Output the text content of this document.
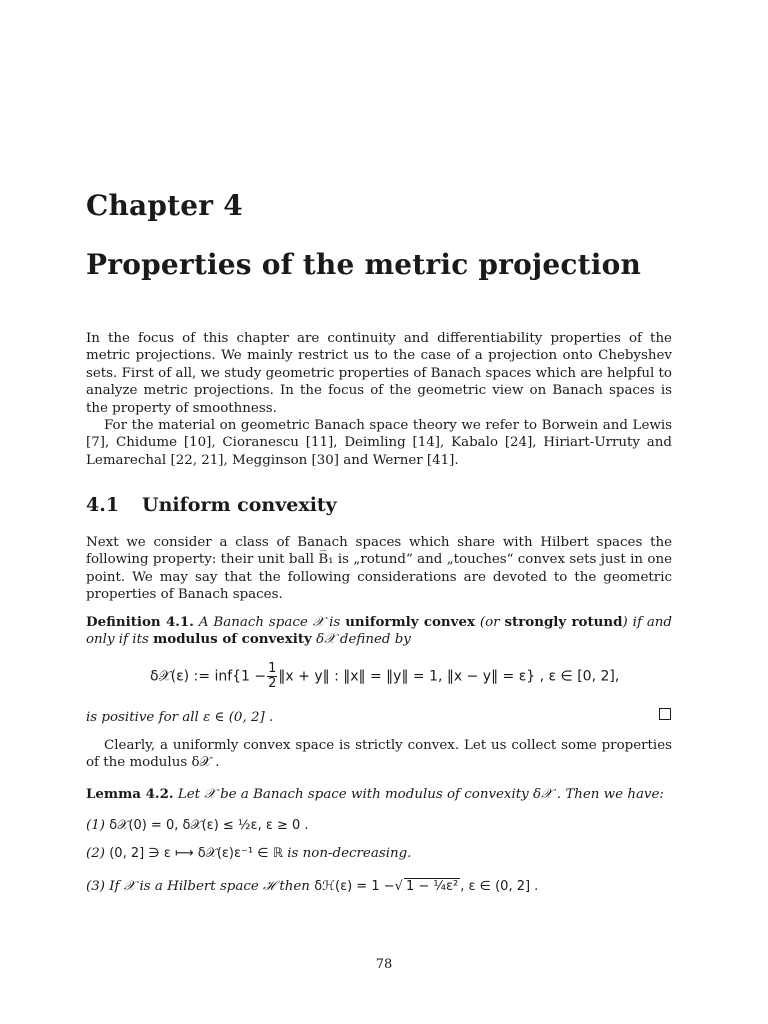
Chapter 4
Properties of the metric projection

In the focus of this chapter are continuity and differentiability properties of the metric projections. We mainly restrict us to the case of a projection onto Chebyshev sets. First of all, we study geometric properties of Banach spaces which are helpful to analyze metric projections. In the focus of the geometric view on Banach spaces is the property of smoothness.

For the material on geometric Banach space theory we refer to Borwein and Lewis [7], Chidume [10], Cioranescu [11], Deimling [14], Kabalo [24], Hiriart-Urruty and Lemarechal [22, 21], Megginson [30] and Werner [41].

4.1 Uniform convexity

Next we consider a class of Banach spaces which share with Hilbert spaces the following property: their unit ball B̅₁ is „rotund“ and „touches“ convex sets just in one point. We may say that the following considerations are devoted to the geometric properties of Banach spaces.

Definition 4.1. A Banach space 𝒳 is uniformly convex (or strongly rotund) if and only if its modulus of convexity δ𝒳 defined by

δ𝒳(ε) := $inf\{1 - \frac{1}{2}$ ‖x + y‖ : ‖x‖ = ‖y‖ = 1, ‖x − y‖ = ε} , ε ∈ [0, 2],

is positive for all ε ∈ (0, 2] .

Clearly, a uniformly convex space is strictly convex. Let us collect some properties of the modulus δ𝒳 .

Lemma 4.2. Let 𝒳 be a Banach space with modulus of convexity δ𝒳 . Then we have:

(1) δ𝒳(0) = 0, δ𝒳(ε) ≤ ½ε, ε ≥ 0 .
(2) (0, 2] ∋ ε ⟼ δ𝒳(ε)ε⁻¹ ∈ ℝ is non-decreasing.
(3) If 𝒳 is a Hilbert space ℋ then δℋ(ε) = 1 −√ 1 − ¼ε² , ε ∈ (0, 2] .
78
